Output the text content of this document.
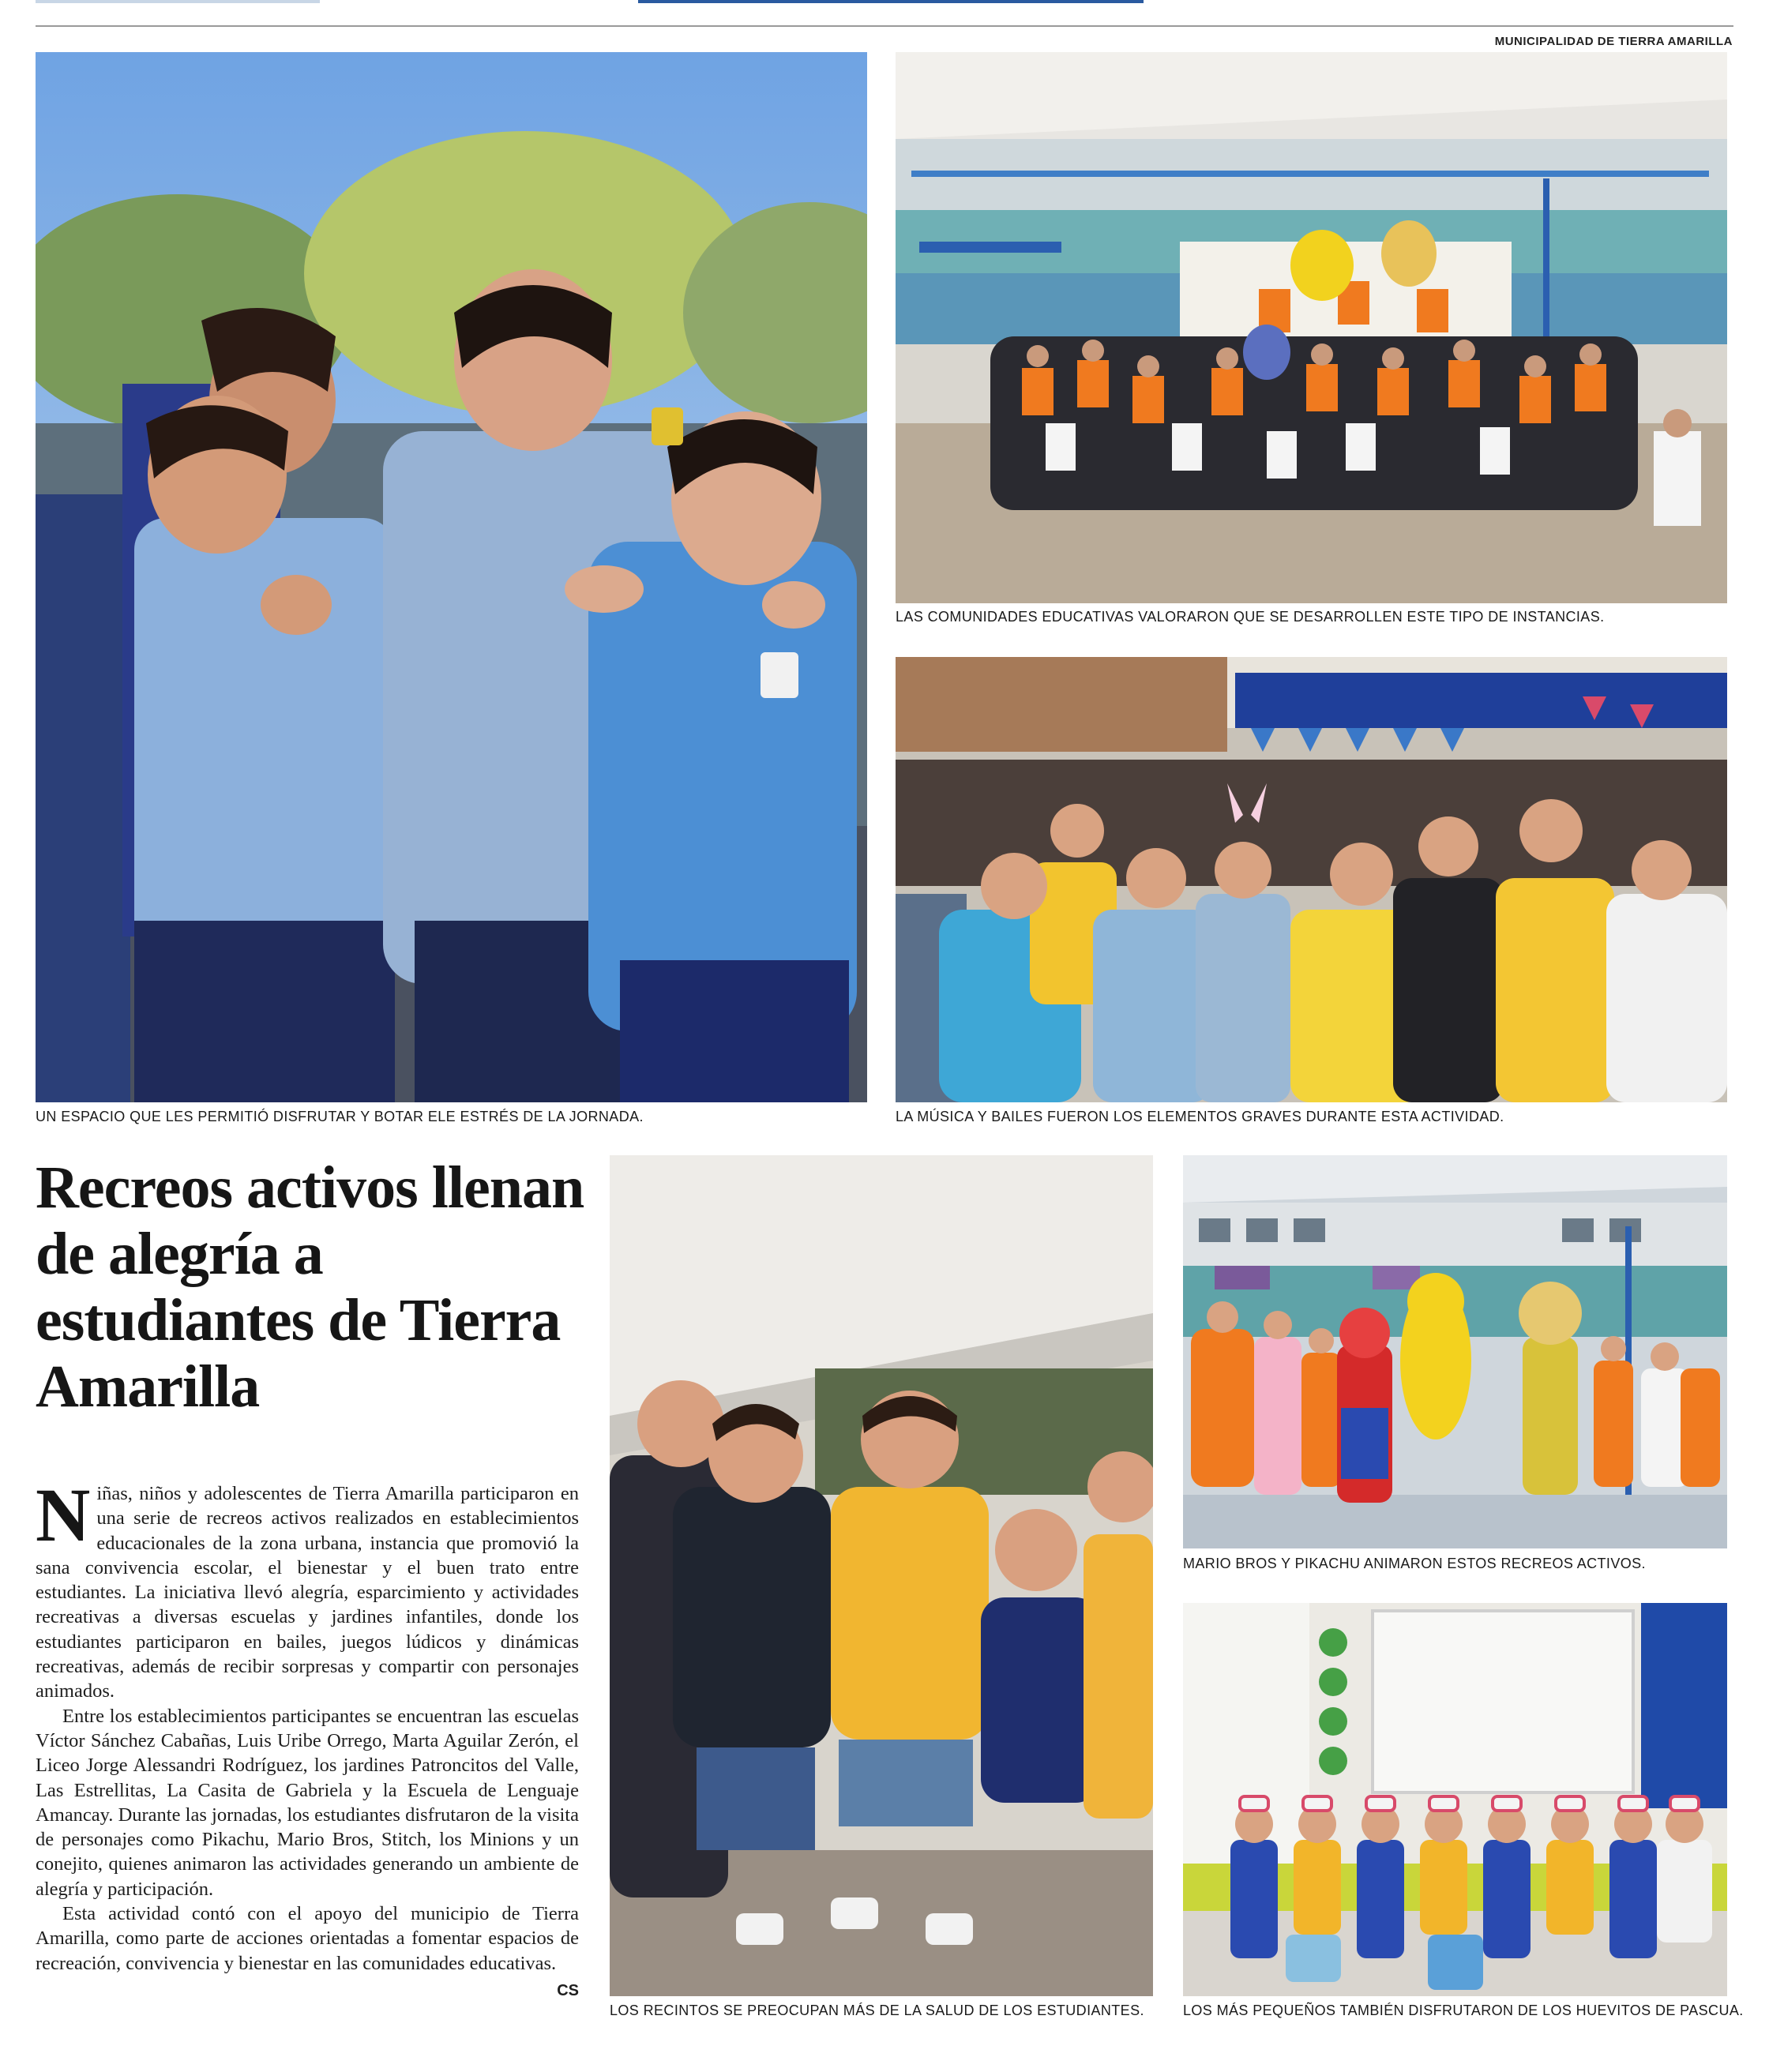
MUNICIPALIDAD DE TIERRA AMARILLA
UN ESPACIO QUE LES PERMITIÓ DISFRUTAR Y BOTAR ELE ESTRÉS DE LA JORNADA.
LAS COMUNIDADES EDUCATIVAS VALORARON QUE SE DESARROLLEN ESTE TIPO DE INSTANCIAS.
LA MÚSICA Y BAILES FUERON LOS ELEMENTOS GRAVES DURANTE ESTA ACTIVIDAD.
Recreos activos llenan de alegría a estudiantes de Tierra Amarilla

Niñas, niños y adolescentes de Tierra Amarilla participaron en una serie de recreos activos realizados en establecimientos educacionales de la zona urbana, instancia que promovió la sana convivencia escolar, el bienestar y el buen trato entre estudiantes. La iniciativa llevó alegría, esparcimiento y actividades recreativas a diversas escuelas y jardines infantiles, donde los estudiantes participaron en bailes, juegos lúdicos y dinámicas recreativas, además de recibir sorpresas y compartir con personajes animados.

Entre los establecimientos participantes se encuentran las escuelas Víctor Sánchez Cabañas, Luis Uribe Orrego, Marta Aguilar Zerón, el Liceo Jorge Alessandri Rodríguez, los jardines Patroncitos del Valle, Las Estrellitas, La Casita de Gabriela y la Escuela de Lenguaje Amancay. Durante las jornadas, los estudiantes disfrutaron de la visita de personajes como Pikachu, Mario Bros, Stitch, los Minions y un conejito, quienes animaron las actividades generando un ambiente de alegría y participación.

Esta actividad contó con el apoyo del municipio de Tierra Amarilla, como parte de acciones orientadas a fomentar espacios de recreación, convivencia y bienestar en las comunidades educativas.
CS

LOS RECINTOS SE PREOCUPAN MÁS DE LA SALUD DE LOS ESTUDIANTES.
MARIO BROS Y PIKACHU ANIMARON ESTOS RECREOS ACTIVOS.
LOS MÁS PEQUEÑOS TAMBIÉN DISFRUTARON DE LOS HUEVITOS DE PASCUA.
